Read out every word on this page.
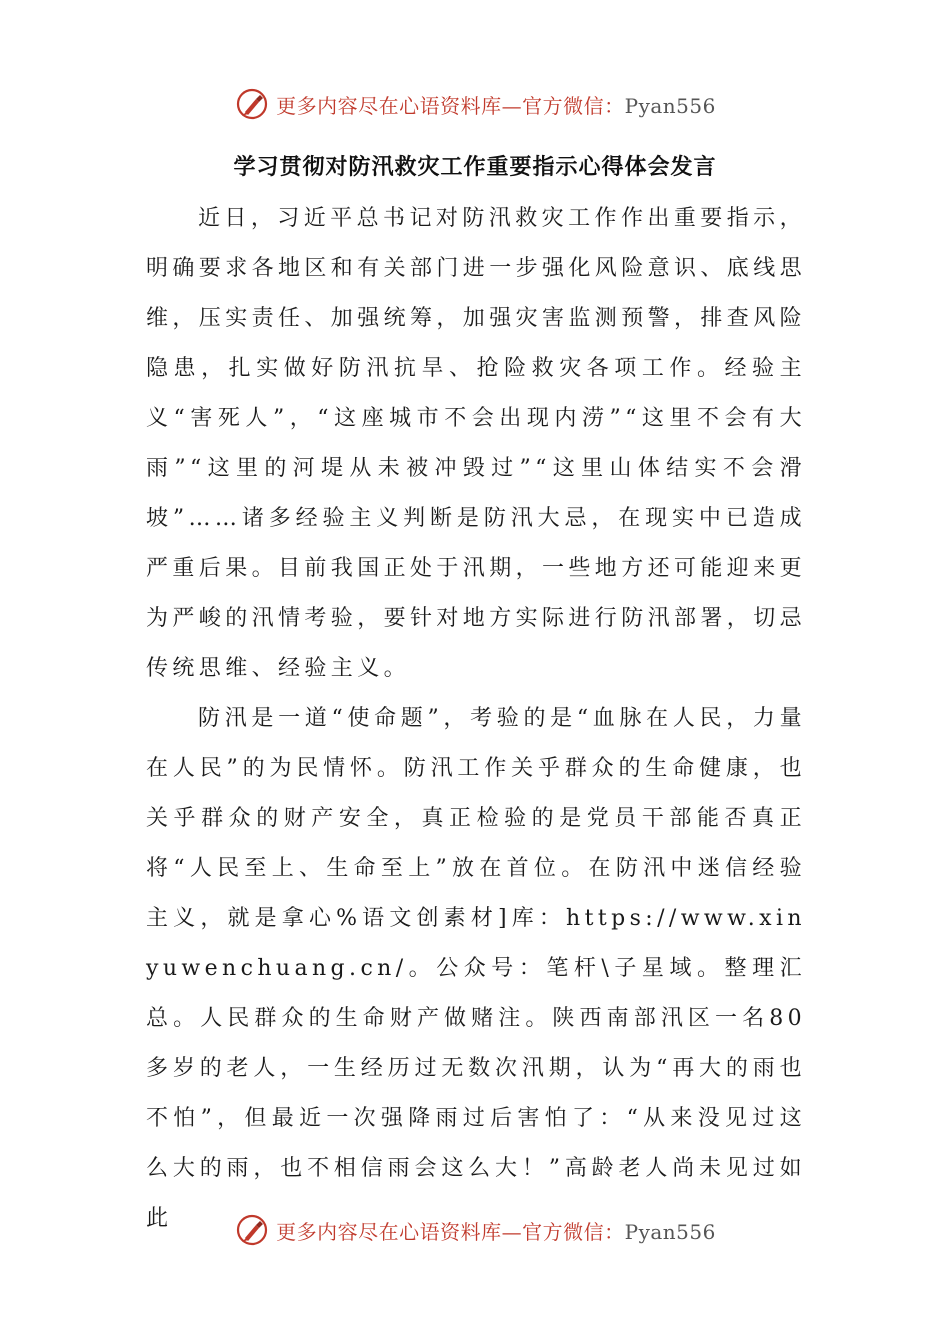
更多内容尽在心语资料库—官方微信：Pyan556
学习贯彻对防汛救灾工作重要指示心得体会发言

近日，习近平总书记对防汛救灾工作作出重要指示，明确要求各地区和有关部门进一步强化风险意识、底线思维，压实责任、加强统筹，加强灾害监测预警，排查风险隐患，扎实做好防汛抗旱、抢险救灾各项工作。经验主义“害死人”，“这座城市不会出现内涝”“这里不会有大雨”“这里的河堤从未被冲毁过”“这里山体结实不会滑坡”……诸多经验主义判断是防汛大忌，在现实中已造成严重后果。目前我国正处于汛期，一些地方还可能迎来更为严峻的汛情考验，要针对地方实际进行防汛部署，切忌传统思维、经验主义。

防汛是一道“使命题”，考验的是“血脉在人民，力量在人民”的为民情怀。防汛工作关乎群众的生命健康，也关乎群众的财产安全，真正检验的是党员干部能否真正将“人民至上、生命至上”放在首位。在防汛中迷信经验主义，就是拿心%语文创素材]库：https://www.xinyuwenchuang.cn/。公众号：笔杆\子星域。整理汇总。人民群众的生命财产做赌注。陕西南部汛区一名80多岁的老人，一生经历过无数次汛期，认为“再大的雨也不怕”，但最近一次强降雨过后害怕了：“从来没见过这么大的雨，也不相信雨会这么大！”高龄老人尚未见过如此

更多内容尽在心语资料库—官方微信：Pyan556
